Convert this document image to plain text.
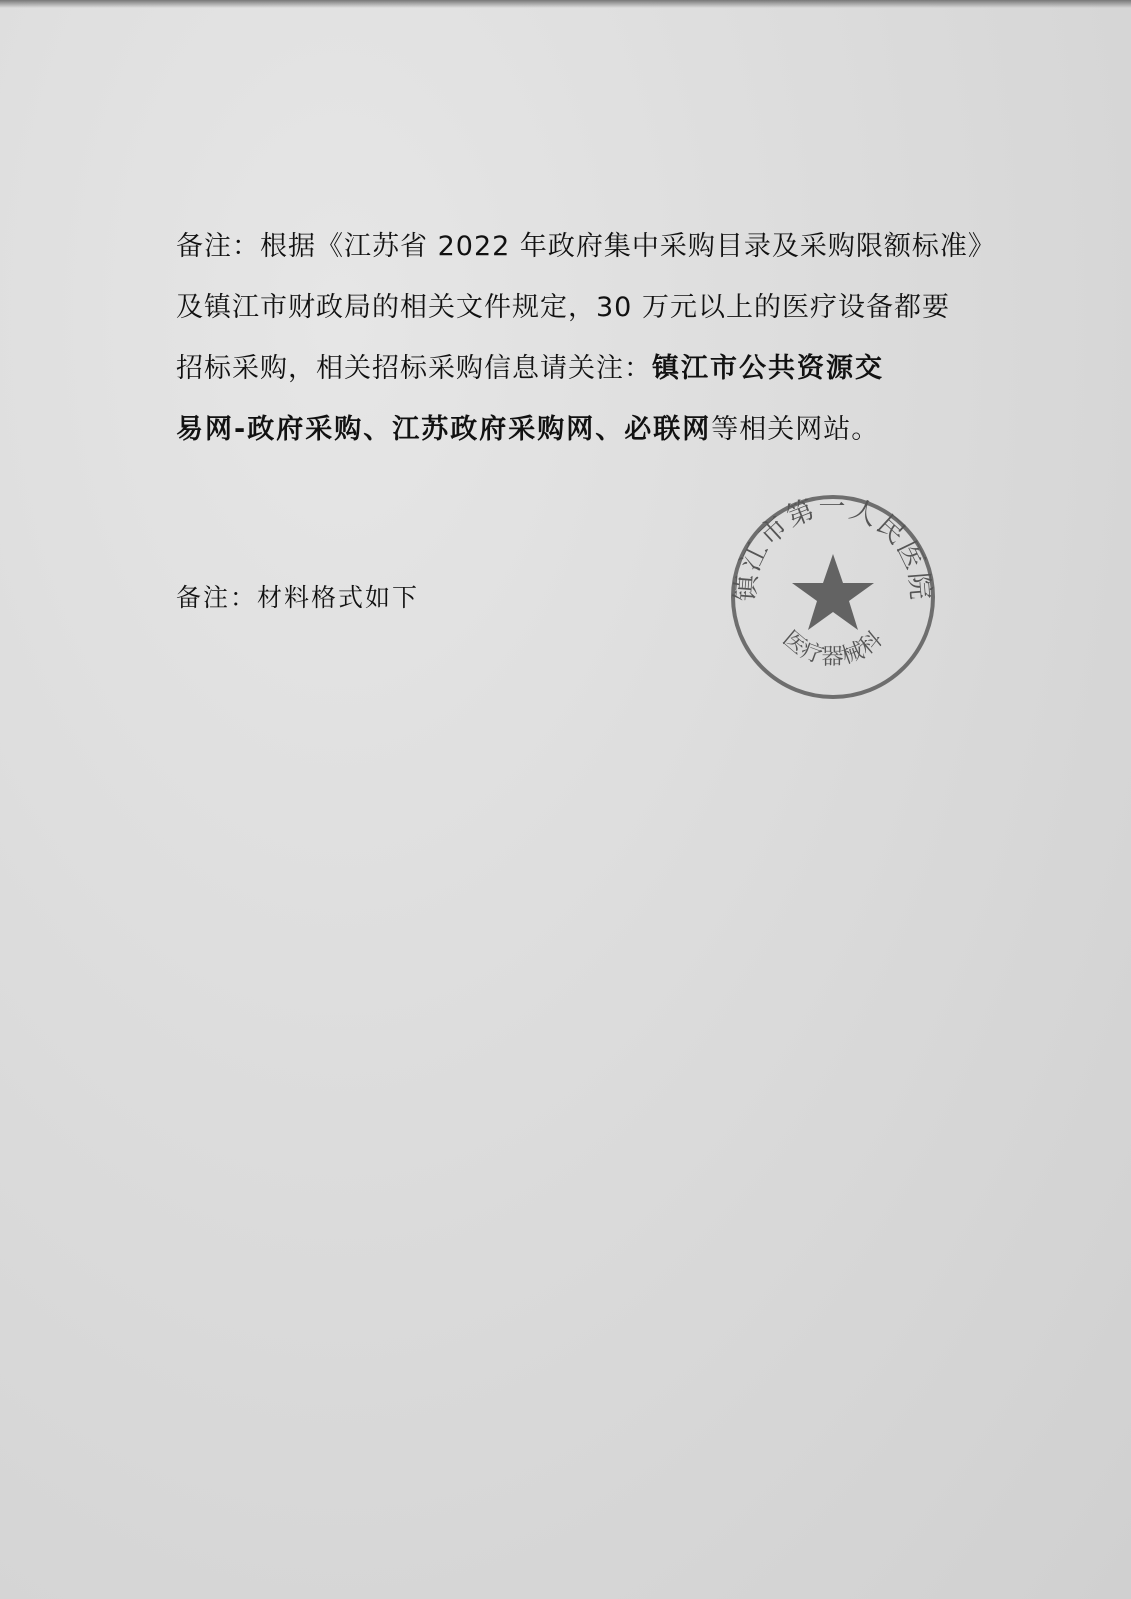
备注：根据《江苏省 2022 年政府集中采购目录及采购限额标准》
及镇江市财政局的相关文件规定，30 万元以上的医疗设备都要
招标采购，相关招标采购信息请关注：镇江市公共资源交
易网-政府采购、江苏政府采购网、必联网等相关网站。
备注：材料格式如下	镇江市第一人民医院
医疗器械科
